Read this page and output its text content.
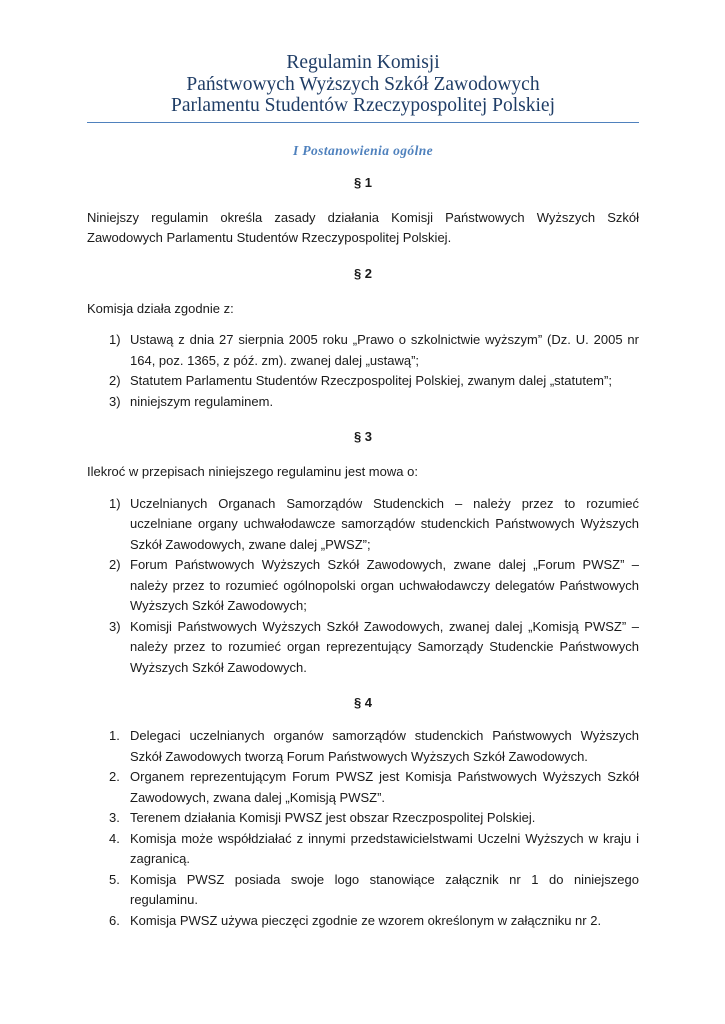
Regulamin Komisji
Państwowych Wyższych Szkół Zawodowych
Parlamentu Studentów Rzeczypospolitej Polskiej
I Postanowienia ogólne

§ 1

Niniejszy regulamin określa zasady działania Komisji Państwowych Wyższych Szkół Zawodowych Parlamentu Studentów Rzeczypospolitej Polskiej.

§ 2

Komisja działa zgodnie z:

1) Ustawą z dnia 27 sierpnia 2005 roku „Prawo o szkolnictwie wyższym” (Dz. U. 2005 nr 164, poz. 1365, z póź. zm). zwanej dalej „ustawą”;
2) Statutem Parlamentu Studentów Rzeczpospolitej Polskiej, zwanym dalej „statutem”;
3) niniejszym regulaminem.

§ 3

Ilekroć w przepisach niniejszego regulaminu jest mowa o:

1) Uczelnianych Organach Samorządów Studenckich – należy przez to rozumieć uczelniane organy uchwałodawcze samorządów studenckich Państwowych Wyższych Szkół Zawodowych, zwane dalej „PWSZ”;
2) Forum Państwowych Wyższych Szkół Zawodowych, zwane dalej „Forum PWSZ” – należy przez to rozumieć ogólnopolski organ uchwałodawczy delegatów Państwowych Wyższych Szkół Zawodowych;
3) Komisji Państwowych Wyższych Szkół Zawodowych, zwanej dalej „Komisją PWSZ” – należy przez to rozumieć organ reprezentujący Samorządy Studenckie Państwowych Wyższych Szkół Zawodowych.

§ 4

1. Delegaci uczelnianych organów samorządów studenckich Państwowych Wyższych Szkół Zawodowych tworzą Forum Państwowych Wyższych Szkół Zawodowych.
2. Organem reprezentującym Forum PWSZ jest Komisja Państwowych Wyższych Szkół Zawodowych, zwana dalej „Komisją PWSZ”.
3. Terenem działania Komisji PWSZ jest obszar Rzeczpospolitej Polskiej.
4. Komisja może współdziałać z innymi przedstawicielstwami Uczelni Wyższych w kraju i zagranicą.
5. Komisja PWSZ posiada swoje logo stanowiące załącznik nr 1 do niniejszego regulaminu.
6. Komisja PWSZ używa pieczęci zgodnie ze wzorem określonym w załączniku nr 2.
